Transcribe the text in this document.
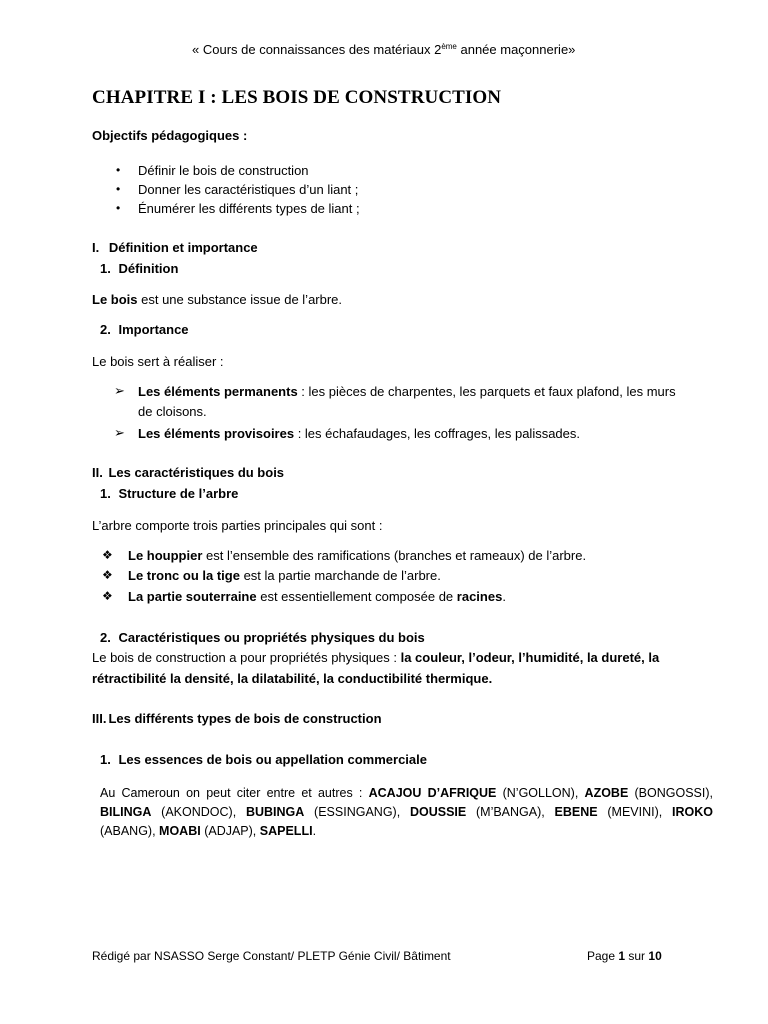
« Cours de connaissances des matériaux 2ème année maçonnerie»
CHAPITRE I : LES BOIS DE CONSTRUCTION
Objectifs pédagogiques :
• Définir le bois de construction
• Donner les caractéristiques d’un liant ;
• Énumérer les différents types de liant ;
I. Définition et importance
1. Définition
Le bois est une substance issue de l’arbre.
2. Importance
Le bois sert à réaliser :
➢ Les éléments permanents : les pièces de charpentes, les parquets et faux plafond, les murs
de cloisons.
➢ Les éléments provisoires : les échafaudages, les coffrages, les palissades.
II. Les caractéristiques du bois
1. Structure de l’arbre
L’arbre comporte trois parties principales qui sont :
❖ Le houppier est l’ensemble des ramifications (branches et rameaux) de l’arbre.
❖ Le tronc ou la tige est la partie marchande de l’arbre.
❖ La partie souterraine est essentiellement composée de racines.
2. Caractéristiques ou propriétés physiques du bois
Le bois de construction a pour propriétés physiques : la couleur, l’odeur, l’humidité, la dureté, la
rétractibilité la densité, la dilatabilité, la conductibilité thermique.
III. Les différents types de bois de construction
1. Les essences de bois ou appellation commerciale
Au Cameroun on peut citer entre et autres : ACAJOU D’AFRIQUE (N’GOLLON), AZOBE (BONGOSSI), BILINGA (AKONDOC), BUBINGA (ESSINGANG), DOUSSIE (M’BANGA), EBENE (MEVINI), IROKO (ABANG), MOABI (ADJAP), SAPELLI.
Rédigé par NSASSO Serge Constant/ PLETP Génie Civil/ Bâtiment	Page 1 sur 10
